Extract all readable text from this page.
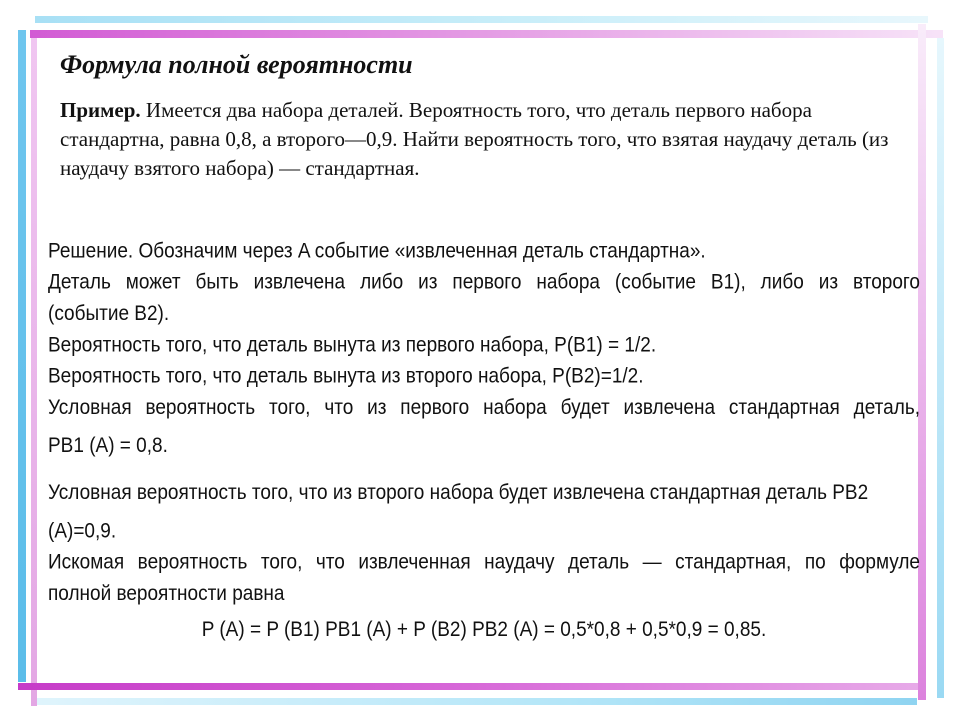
Формула полной вероятности

Пример. Имеется два набора деталей. Вероятность того, что деталь первого набора стандартна, равна 0,8, а второго—0,9. Найти вероятность того, что взятая наудачу деталь (из наудачу взятого набора) — стандартная.

Решение. Обозначим через A событие «извлеченная деталь стандартна».

Деталь может быть извлечена либо из первого набора (событие B1), либо из второго

(событие B2).

Вероятность того, что деталь вынута из первого набора, P(B1) = 1/2.

Вероятность того, что деталь вынута из второго набора, P(B2)=1/2.

Условная вероятность того, что из первого набора будет извлечена стандартная деталь,

PB1 (A) = 0,8.

Условная вероятность того, что из второго набора будет извлечена стандартная деталь PB2

(A)=0,9.

Искомая вероятность того, что извлеченная наудачу деталь — стандартная, по формуле

полной вероятности равна

P (A) = P (B1) PB1 (A) + P (B2) PB2 (A) = 0,5*0,8 + 0,5*0,9 = 0,85.
